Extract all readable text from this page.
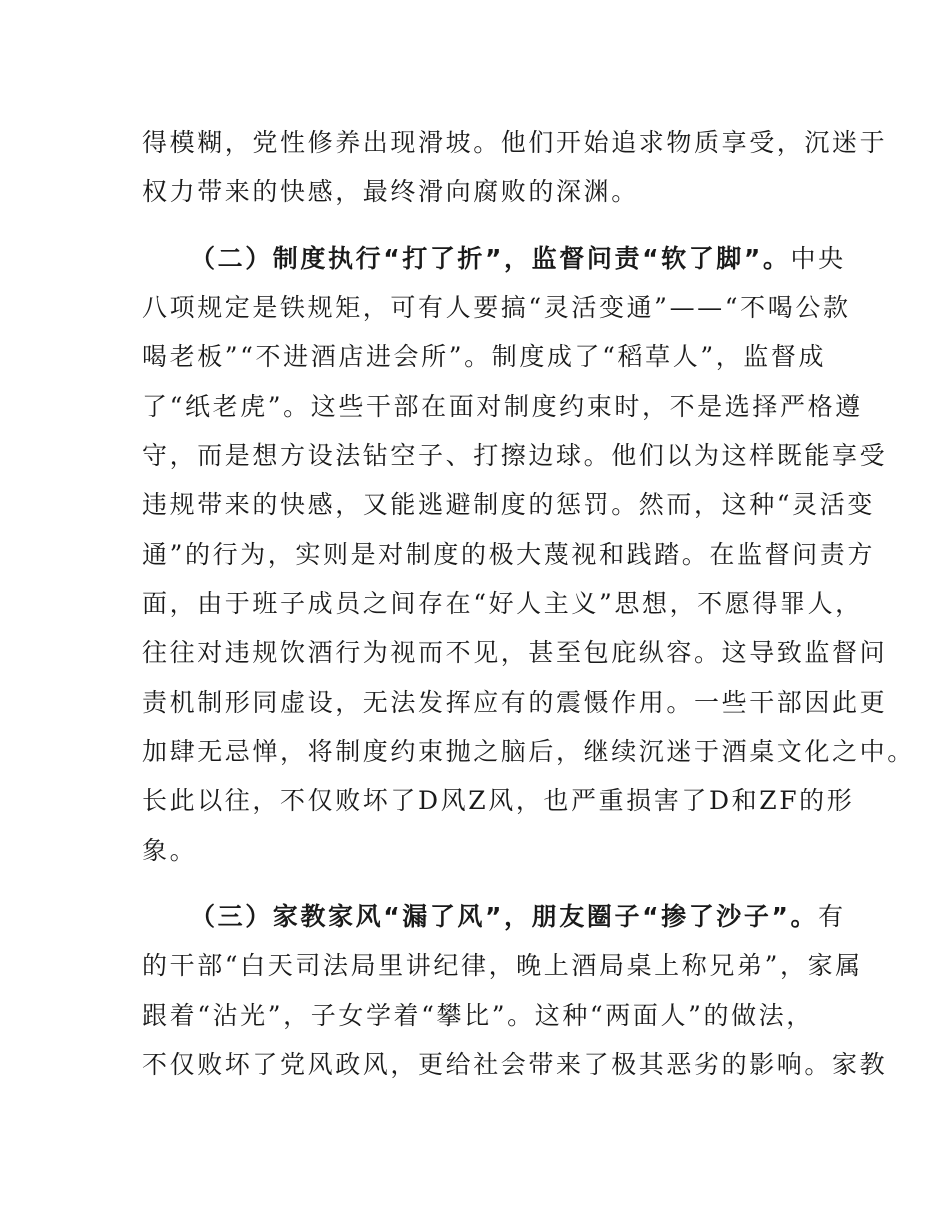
得模糊，党性修养出现滑坡。他们开始追求物质享受，沉迷于
权力带来的快感，最终滑向腐败的深渊。
（二）制度执行“打了折”，监督问责“软了脚”。中央
八项规定是铁规矩，可有人要搞“灵活变通”——“不喝公款
喝老板”“不进酒店进会所”。制度成了“稻草人”，监督成
了“纸老虎”。这些干部在面对制度约束时，不是选择严格遵
守，而是想方设法钻空子、打擦边球。他们以为这样既能享受
违规带来的快感，又能逃避制度的惩罚。然而，这种“灵活变
通”的行为，实则是对制度的极大蔑视和践踏。在监督问责方
面，由于班子成员之间存在“好人主义”思想，不愿得罪人，
往往对违规饮酒行为视而不见，甚至包庇纵容。这导致监督问
责机制形同虚设，无法发挥应有的震慑作用。一些干部因此更
加肆无忌惮，将制度约束抛之脑后，继续沉迷于酒桌文化之中。
长此以往，不仅败坏了D风Z风，也严重损害了D和ZF的形
象。
（三）家教家风“漏了风”，朋友圈子“掺了沙子”。有
的干部“白天司法局里讲纪律，晚上酒局桌上称兄弟”，家属
跟着“沾光”，子女学着“攀比”。这种“两面人”的做法，
不仅败坏了党风政风，更给社会带来了极其恶劣的影响。家教
